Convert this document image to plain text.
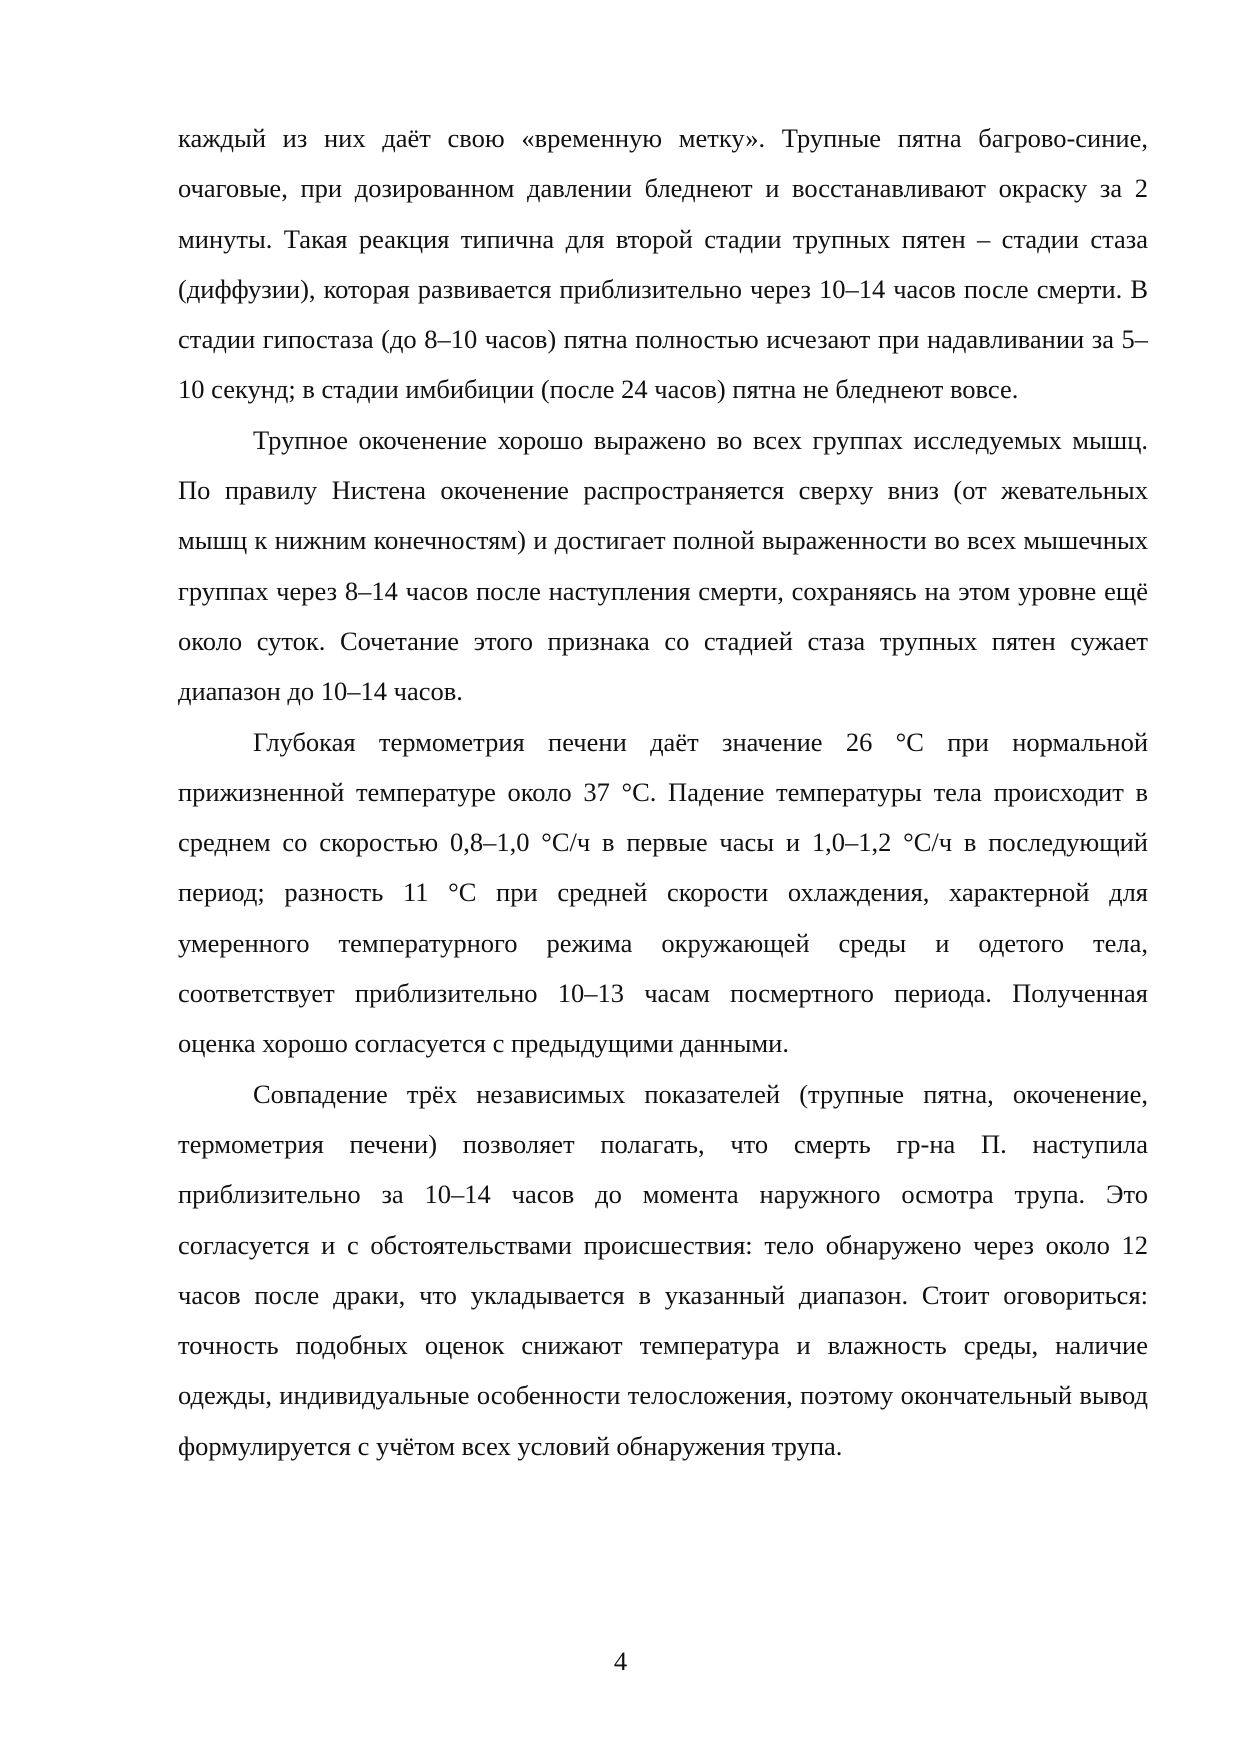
каждый из них даёт свою «временную метку». Трупные пятна багрово-синие, очаговые, при дозированном давлении бледнеют и восстанавливают окраску за 2 минуты. Такая реакция типична для второй стадии трупных пятен – стадии стаза (диффузии), которая развивается приблизительно через 10–14 часов после смерти. В стадии гипостаза (до 8–10 часов) пятна полностью исчезают при надавливании за 5–10 секунд; в стадии имбибиции (после 24 часов) пятна не бледнеют вовсе.

Трупное окоченение хорошо выражено во всех группах исследуемых мышц. По правилу Нистена окоченение распространяется сверху вниз (от жевательных мышц к нижним конечностям) и достигает полной выраженности во всех мышечных группах через 8–14 часов после наступления смерти, сохраняясь на этом уровне ещё около суток. Сочетание этого признака со стадией стаза трупных пятен сужает диапазон до 10–14 часов.

Глубокая термометрия печени даёт значение 26 °С при нормальной прижизненной температуре около 37 °С. Падение температуры тела происходит в среднем со скоростью 0,8–1,0 °С/ч в первые часы и 1,0–1,2 °С/ч в последующий период; разность 11 °С при средней скорости охлаждения, характерной для умеренного температурного режима окружающей среды и одетого тела, соответствует приблизительно 10–13 часам посмертного периода. Полученная оценка хорошо согласуется с предыдущими данными.

Совпадение трёх независимых показателей (трупные пятна, окоченение, термометрия печени) позволяет полагать, что смерть гр-на П. наступила приблизительно за 10–14 часов до момента наружного осмотра трупа. Это согласуется и с обстоятельствами происшествия: тело обнаружено через около 12 часов после драки, что укладывается в указанный диапазон. Стоит оговориться: точность подобных оценок снижают температура и влажность среды, наличие одежды, индивидуальные особенности телосложения, поэтому окончательный вывод формулируется с учётом всех условий обнаружения трупа.

4
